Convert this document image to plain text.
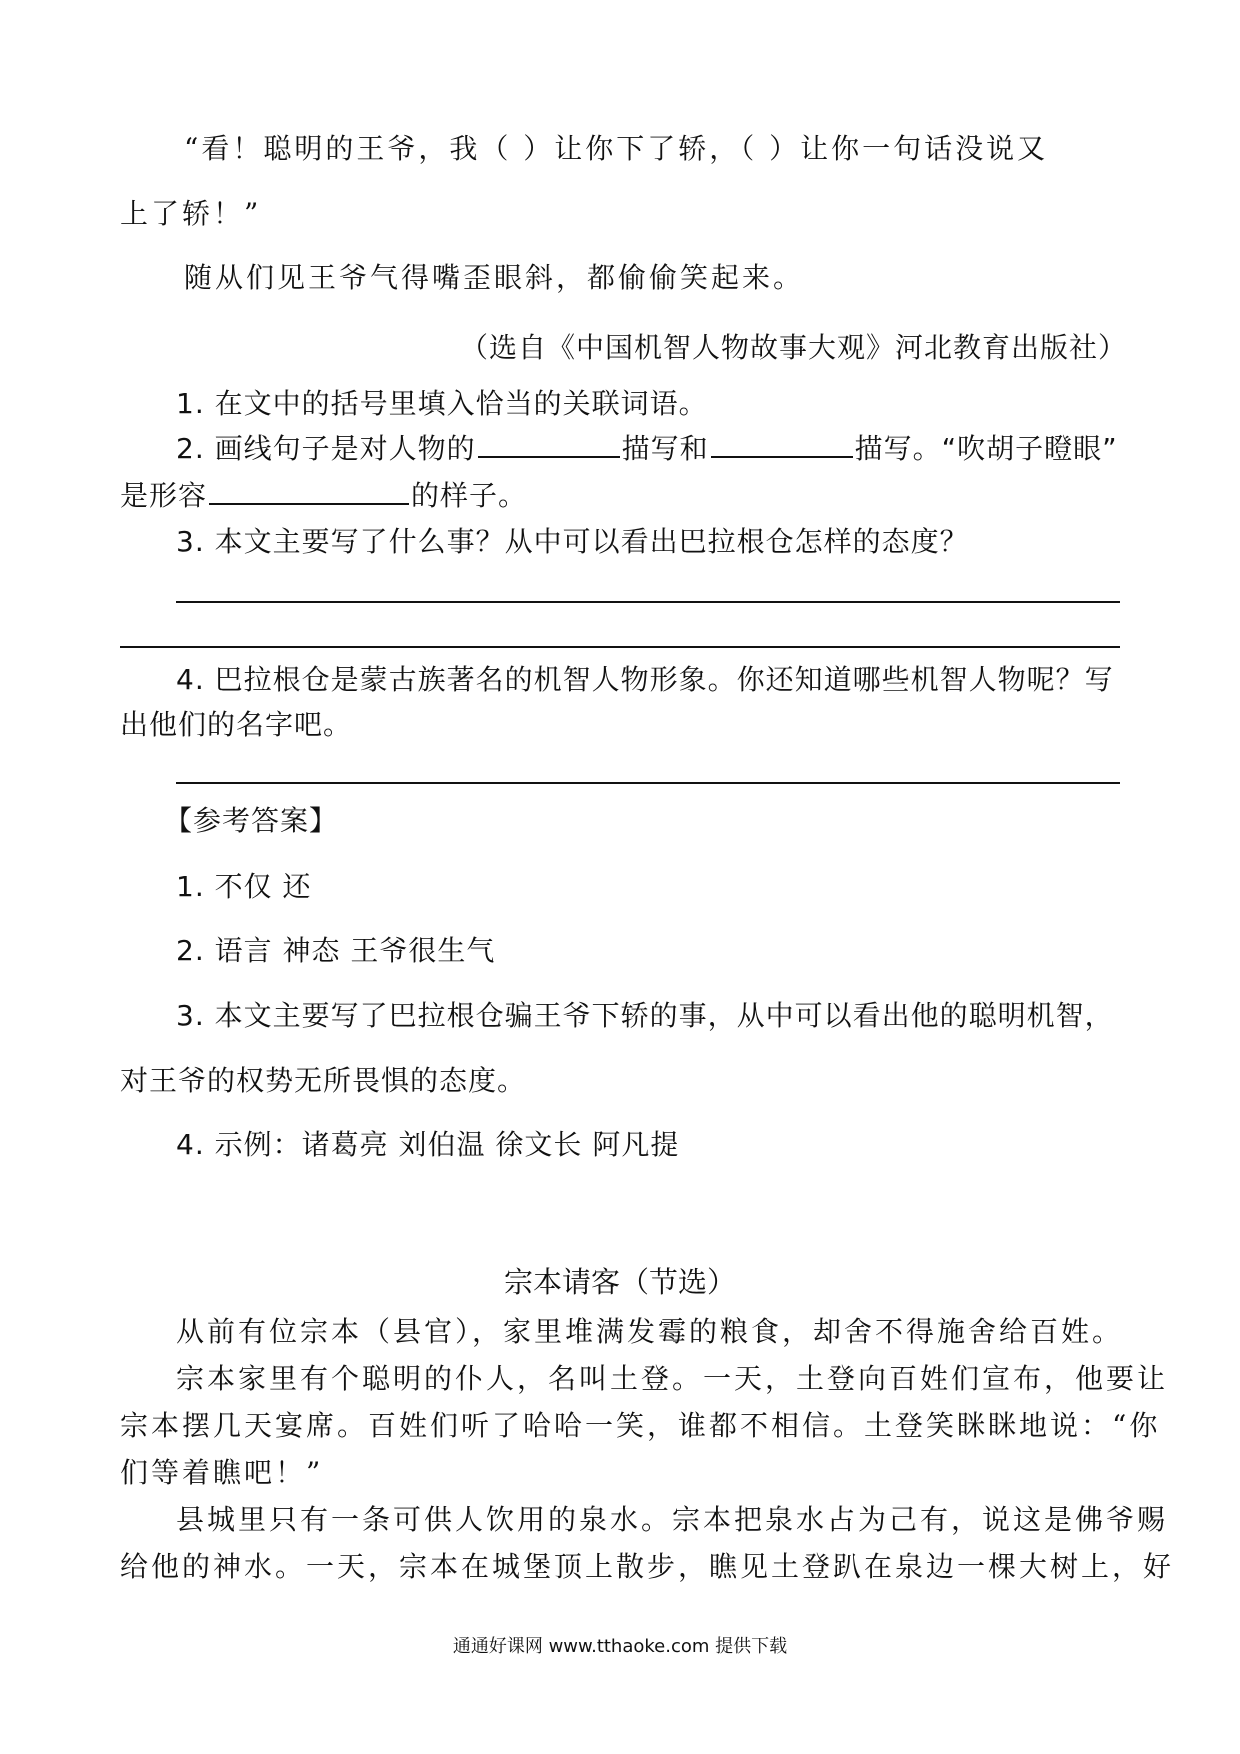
“看！聪明的王爷，我（ ）让你下了轿，（ ）让你一句话没说又
上了轿！”
随从们见王爷气得嘴歪眼斜，都偷偷笑起来。
（选自《中国机智人物故事大观》河北教育出版社）
1. 在文中的括号里填入恰当的关联词语。
2. 画线句子是对人物的	描写和	描写。“吹胡子瞪眼”
是形容	的样子。
3. 本文主要写了什么事？从中可以看出巴拉根仓怎样的态度？
4. 巴拉根仓是蒙古族著名的机智人物形象。你还知道哪些机智人物呢？写
出他们的名字吧。
【参考答案】
1. 不仅 还
2. 语言 神态 王爷很生气
3. 本文主要写了巴拉根仓骗王爷下轿的事，从中可以看出他的聪明机智，
对王爷的权势无所畏惧的态度。
4. 示例：诸葛亮 刘伯温 徐文长 阿凡提
宗本请客（节选）
从前有位宗本（县官），家里堆满发霉的粮食，却舍不得施舍给百姓。
宗本家里有个聪明的仆人，名叫土登。一天，土登向百姓们宣布，他要让
宗本摆几天宴席。百姓们听了哈哈一笑，谁都不相信。土登笑眯眯地说：“你
们等着瞧吧！”
县城里只有一条可供人饮用的泉水。宗本把泉水占为己有，说这是佛爷赐
给他的神水。一天，宗本在城堡顶上散步，瞧见土登趴在泉边一棵大树上，好
通通好课网 www.tthaoke.com 提供下载
